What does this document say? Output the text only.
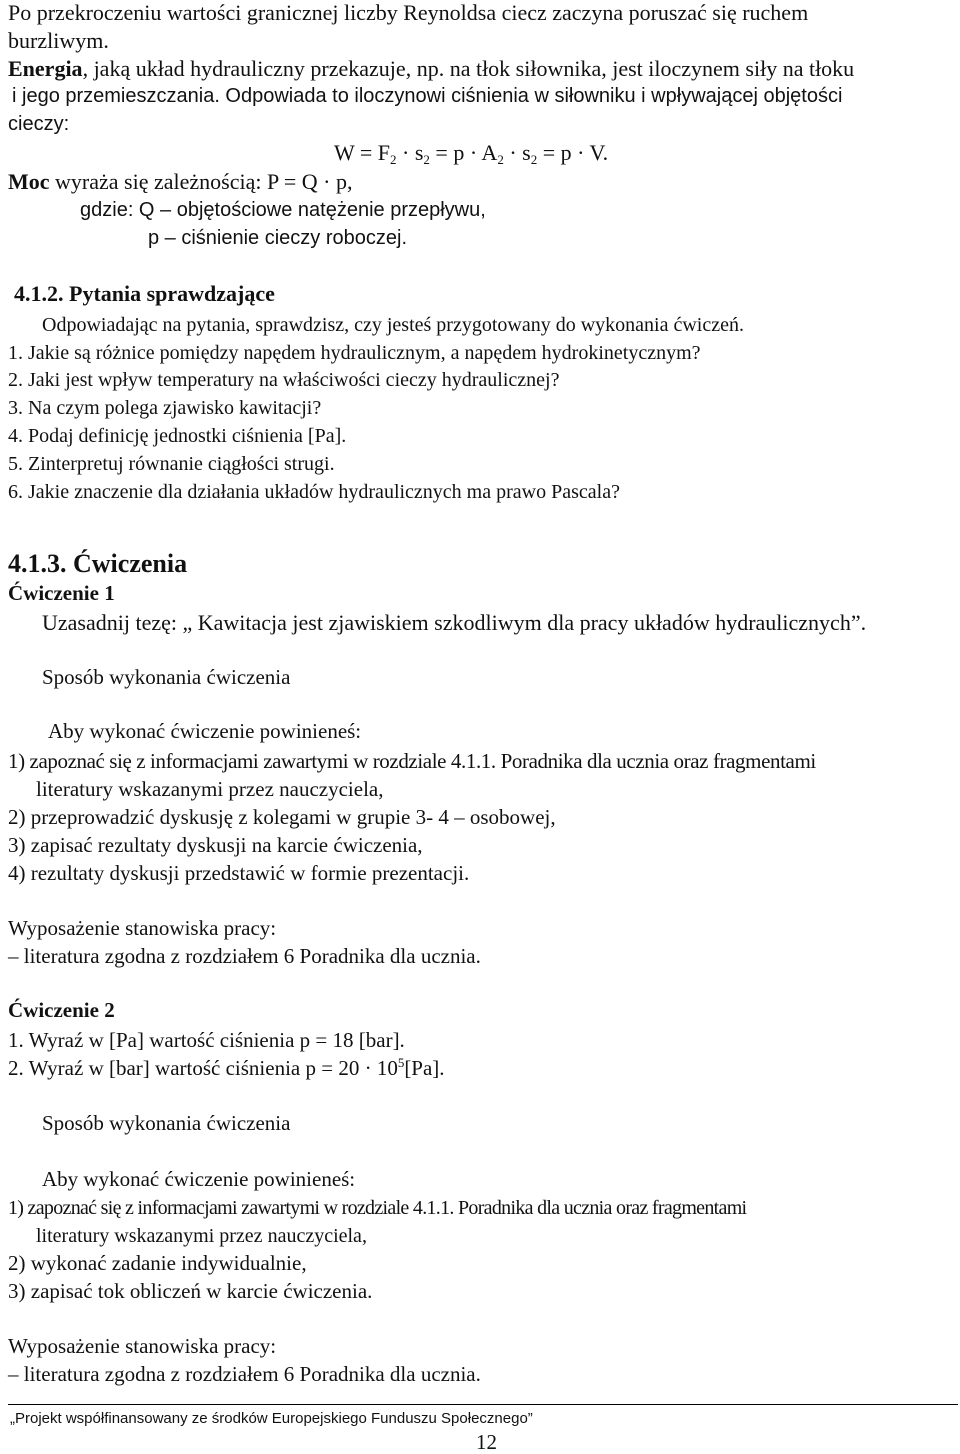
Po przekroczeniu wartości granicznej liczby Reynoldsa ciecz zaczyna poruszać się ruchem
burzliwym.
Energia, jaką układ hydrauliczny przekazuje, np. na tłok siłownika, jest iloczynem siły na tłoku
i jego przemieszczania. Odpowiada to iloczynowi ciśnienia w siłowniku i wpływającej objętości
cieczy:
W = F2 · s2 = p · A2 · s2 = p · V.
Moc wyraża się zależnością: P = Q · p,
gdzie: Q – objętościowe natężenie przepływu,
p – ciśnienie cieczy roboczej.
4.1.2. Pytania sprawdzające
Odpowiadając na pytania, sprawdzisz, czy jesteś przygotowany do wykonania ćwiczeń.
1. Jakie są różnice pomiędzy napędem hydraulicznym, a napędem hydrokinetycznym?
2. Jaki jest wpływ temperatury na właściwości cieczy hydraulicznej?
3. Na czym polega zjawisko kawitacji?
4. Podaj definicję jednostki ciśnienia [Pa].
5. Zinterpretuj równanie ciągłości strugi.
6. Jakie znaczenie dla działania układów hydraulicznych ma prawo Pascala?
4.1.3. Ćwiczenia
Ćwiczenie 1
Uzasadnij tezę: „ Kawitacja jest zjawiskiem szkodliwym dla pracy układów hydraulicznych”.
Sposób wykonania ćwiczenia
Aby wykonać ćwiczenie powinieneś:
1) zapoznać się z informacjami zawartymi w rozdziale 4.1.1. Poradnika dla ucznia oraz fragmentami
literatury wskazanymi przez nauczyciela,
2) przeprowadzić dyskusję z kolegami w grupie 3- 4 – osobowej,
3) zapisać rezultaty dyskusji na karcie ćwiczenia,
4) rezultaty dyskusji przedstawić w formie prezentacji.
Wyposażenie stanowiska pracy:
– literatura zgodna z rozdziałem 6 Poradnika dla ucznia.
Ćwiczenie 2
1. Wyraź w [Pa] wartość ciśnienia p = 18 [bar].
2. Wyraź w [bar] wartość ciśnienia $p = 20 \cdot 10^5[Pa]$.
Sposób wykonania ćwiczenia
Aby wykonać ćwiczenie powinieneś:
1) zapoznać się z informacjami zawartymi w rozdziale 4.1.1. Poradnika dla ucznia oraz fragmentami
literatury wskazanymi przez nauczyciela,
2) wykonać zadanie indywidualnie,
3) zapisać tok obliczeń w karcie ćwiczenia.
Wyposażenie stanowiska pracy:
– literatura zgodna z rozdziałem 6 Poradnika dla ucznia.
„Projekt współfinansowany ze środków Europejskiego Funduszu Społecznego”
12
